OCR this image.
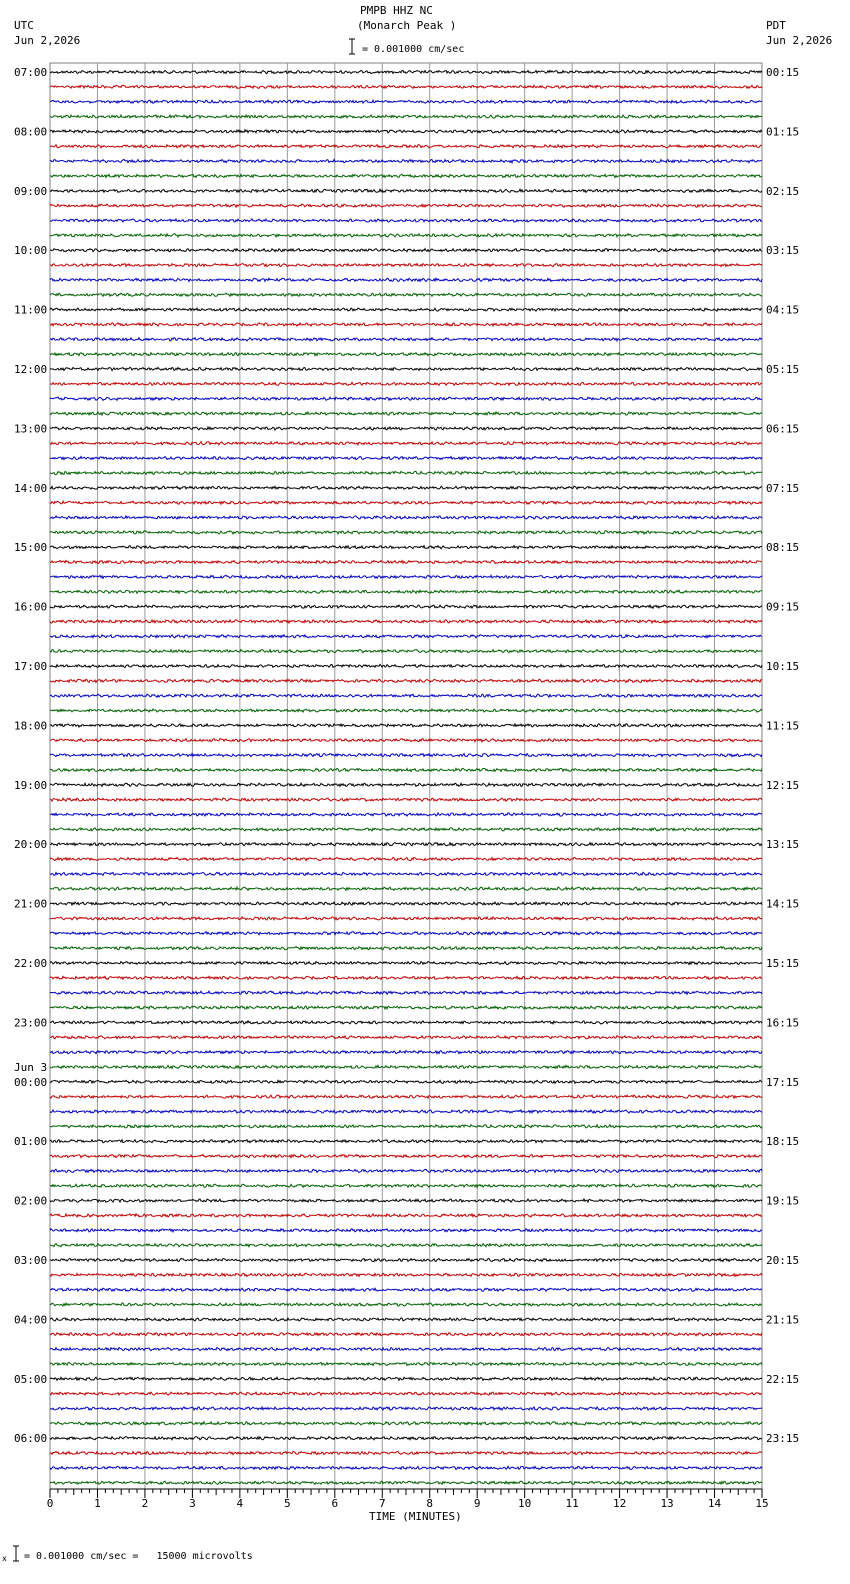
0	1	2	3	4	5	6	7	8	9	10	11	12	13	14	15
07:00	00:15
08:00	01:15
09:00	02:15
10:00	03:15
11:00	04:15
12:00	05:15
13:00	06:15
14:00	07:15
15:00	08:15
16:00	09:15
17:00	10:15
18:00	11:15
19:00	12:15
20:00	13:15
21:00	14:15
22:00	15:15
23:00	16:15
00:00	17:15
01:00	18:15
02:00	19:15
03:00	20:15
04:00	21:15
05:00	22:15
06:00	23:15
Jun 3
PMPB HHZ NC
(Monarch Peak )
UTC
Jun 2,2026
PDT
Jun 2,2026
= 0.001000 cm/sec
TIME (MINUTES)
x = 0.001000 cm/sec =   15000 microvolts
